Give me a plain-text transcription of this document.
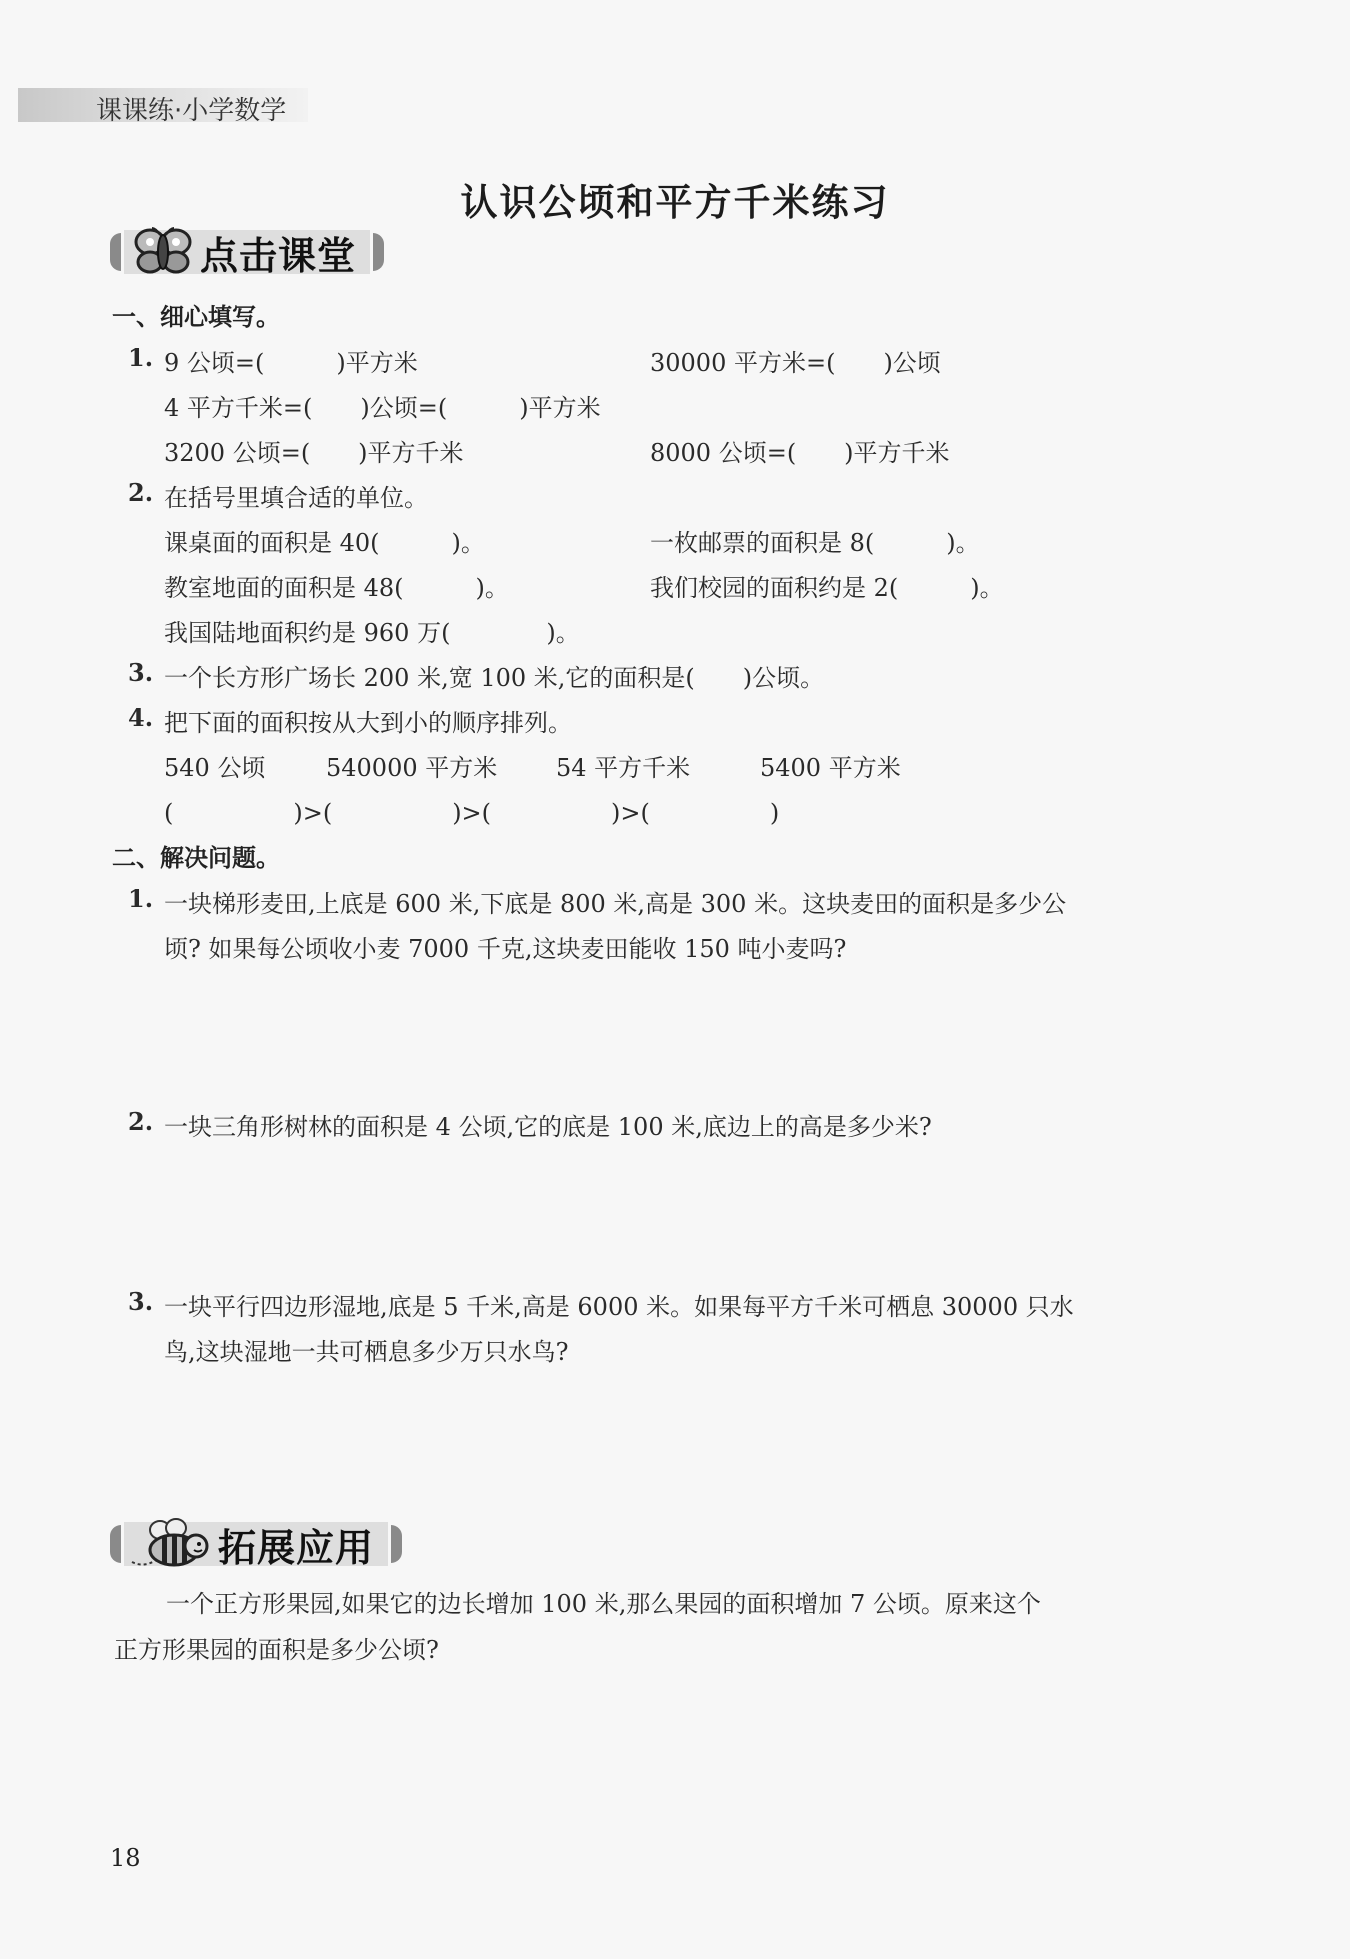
课课练·小学数学
认识公顷和平方千米练习
点击课堂
一、细心填写。
1. 9 公顷=(　　　)平方米	30000 平方米=(　　)公顷
4 平方千米=(　　)公顷=(　　　)平方米
3200 公顷=(　　)平方千米	8000 公顷=(　　)平方千米
2. 在括号里填合适的单位。
课桌面的面积是 40(　　　)。	一枚邮票的面积是 8(　　　)。
教室地面的面积是 48(　　　)。	我们校园的面积约是 2(　　　)。
我国陆地面积约是 960 万(　　　　)。
3. 一个长方形广场长 200 米,宽 100 米,它的面积是(　　)公顷。
4. 把下面的面积按从大到小的顺序排列。
540 公顷	540000 平方米 54 平方千米	5400 平方米
(　　　　　)>(　　　　　)>(　　　　　)>(　　　　　)
二、解决问题。
1. 一块梯形麦田,上底是 600 米,下底是 800 米,高是 300 米。这块麦田的面积是多少公
顷? 如果每公顷收小麦 7000 千克,这块麦田能收 150 吨小麦吗?
2. 一块三角形树林的面积是 4 公顷,它的底是 100 米,底边上的高是多少米?
3. 一块平行四边形湿地,底是 5 千米,高是 6000 米。如果每平方千米可栖息 30000 只水
鸟,这块湿地一共可栖息多少万只水鸟?
拓展应用
一个正方形果园,如果它的边长增加 100 米,那么果园的面积增加 7 公顷。原来这个
正方形果园的面积是多少公顷?
18
